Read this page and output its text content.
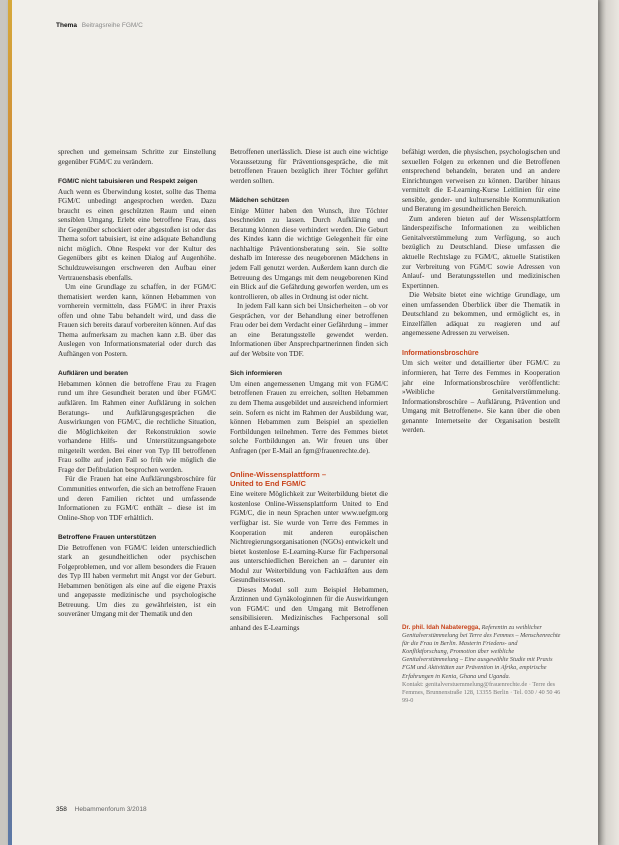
Thema Beitragsreihe FGM/C

sprechen und gemeinsam Schritte zur Einstellung gegenüber FGM/C zu verändern.

FGM/C nicht tabuisieren und Respekt zeigen

Auch wenn es Überwindung kostet, sollte das Thema FGM/C unbedingt angesprochen werden. Dazu braucht es einen geschützten Raum und einen sensiblen Umgang. Erlebt eine betroffene Frau, dass ihr Gegenüber schockiert oder abgestoßen ist oder das Thema sofort tabuisiert, ist eine adäquate Behandlung nicht möglich. Ohne Respekt vor der Kultur des Gegenübers gibt es keinen Dialog auf Augenhöhe. Schuldzuweisungen erschweren den Aufbau einer Vertrauensbasis ebenfalls.

Um eine Grundlage zu schaffen, in der FGM/C thematisiert werden kann, können Hebammen von vornherein vermitteln, dass FGM/C in ihrer Praxis offen und ohne Tabu behandelt wird, und dass die Frauen sich bereits darauf vorbereiten können. Auf das Thema aufmerksam zu machen kann z.B. über das Auslegen von Informationsmaterial oder durch das Aufhängen von Postern.

Aufklären und beraten

Hebammen können die betroffene Frau zu Fragen rund um ihre Gesundheit beraten und über FGM/C aufklären. Im Rahmen einer Aufklärung in solchen Beratungs- und Aufklärungsgesprächen die Auswirkungen von FGM/C, die rechtliche Situation, die Möglichkeiten der Rekonstruktion sowie vorhandene Hilfs- und Unterstützungsangebote mitgeteilt werden. Bei einer von Typ III betroffenen Frau sollte auf jeden Fall so früh wie möglich die Frage der Defibulation besprochen werden.

Für die Frauen hat eine Aufklärungsbroschüre für Communities entworfen, die sich an betroffene Frauen und deren Familien richtet und umfassende Informationen zu FGM/C enthält – diese ist im Online-Shop von TDF erhältlich.

Betroffene Frauen unterstützen

Die Betroffenen von FGM/C leiden unterschiedlich stark an gesundheitlichen oder psychischen Folgeproblemen, und vor allem besonders die Frauen des Typ III haben vermehrt mit Angst vor der Geburt. Hebammen benötigen als eine auf die eigene Praxis und angepasste medizinische und psychologische Betreuung. Um dies zu gewährleisten, ist ein souveräner Umgang mit der Thematik und den

Betroffenen unerlässlich. Diese ist auch eine wichtige Voraussetzung für Präventionsgespräche, die mit betroffenen Frauen bezüglich ihrer Töchter geführt werden sollten.

Mädchen schützen

Einige Mütter haben den Wunsch, ihre Töchter beschneiden zu lassen. Durch Aufklärung und Beratung können diese verhindert werden. Die Geburt des Kindes kann die wichtige Gelegenheit für eine nachhaltige Präventionsberatung sein. Sie sollte deshalb im Interesse des neugeborenen Mädchens in jedem Fall genutzt werden. Außerdem kann durch die Betreuung des Umgangs mit dem neugeborenen Kind ein Blick auf die Gefährdung geworfen werden, um es kontrollieren, ob alles in Ordnung ist oder nicht.

In jedem Fall kann sich bei Unsicherheiten – ob vor Gesprächen, vor der Behandlung einer betroffenen Frau oder bei dem Verdacht einer Gefährdung – immer an eine Beratungsstelle gewendet werden. Informationen über Ansprechpartnerinnen finden sich auf der Website von TDF.

Sich informieren

Um einen angemessenen Umgang mit von FGM/C betroffenen Frauen zu erreichen, sollten Hebammen zu dem Thema ausgebildet und ausreichend informiert sein. Sofern es nicht im Rahmen der Ausbildung war, können Hebammen zum Beispiel an speziellen Fortbildungen teilnehmen. Terre des Femmes bietet solche Fortbildungen an. Wir freuen uns über Anfragen (per E-Mail an fgm@frauenrechte.de).

Online-Wissensplattform –
United to End FGM/C

Eine weitere Möglichkeit zur Weiterbildung bietet die kostenlose Online-Wissensplattform United to End FGM/C, die in neun Sprachen unter www.uefgm.org verfügbar ist. Sie wurde von Terre des Femmes in Kooperation mit anderen europäischen Nichtregierungsorganisationen (NGOs) entwickelt und bietet kostenlose E-Learning-Kurse für Fachpersonal aus unterschiedlichen Bereichen an – darunter ein Modul zur Weiterbildung von Fachkräften aus dem Gesundheitswesen.

Dieses Modul soll zum Beispiel Hebammen, Ärztinnen und Gynäkologinnen für die Auswirkungen von FGM/C und den Umgang mit Betroffenen sensibilisieren. Medizinisches Fachpersonal soll anhand des E-Learnings

befähigt werden, die physischen, psychologischen und sexuellen Folgen zu erkennen und die Betroffenen entsprechend behandeln, beraten und an andere Einrichtungen verweisen zu können. Darüber hinaus vermittelt die E-Learning-Kurse Leitlinien für eine sensible, gender- und kultursensible Kommunikation und Beratung im gesundheitlichen Bereich.

Zum anderen bieten auf der Wissensplattform länderspezifische Informationen zu weiblichen Genitalverstümmelung zum Verfügung, so auch bezüglich zu Deutschland. Diese umfassen die aktuelle Rechtslage zu FGM/C, aktuelle Statistiken zur Verbreitung von FGM/C sowie Adressen von Anlauf- und Beratungsstellen und medizinischen Expertinnen.

Die Website bietet eine wichtige Grundlage, um einen umfassenden Überblick über die Thematik in Deutschland zu bekommen, und ermöglicht es, in Einzelfällen adäquat zu reagieren und auf angemessene Adressen zu verweisen.

Informationsbroschüre

Um sich weiter und detaillierter über FGM/C zu informieren, hat Terre des Femmes in Kooperation jahr eine Informationsbroschüre veröffentlicht: »Weibliche Genitalverstümmelung. Informationsbroschüre – Aufklärung, Prävention und Umgang mit Betroffenen«. Sie kann über die oben genannte Internetseite der Organisation bestellt werden.

Dr. phil. Idah Nabateregga, Referentin zu weiblicher Genitalverstümmelung bei Terre des Femmes – Menschenrechte für die Frau in Berlin. Masterin Friedens- und Konfliktforschung, Promotion über weibliche Genitalverstümmelung – Eine ausgewählte Studie mit Praxis FGM und Aktivitäten zur Prävention in Afrika, empirische Erfahrungen in Kenia, Ghana und Uganda.
Kontakt: genitalverstuemmelung@frauenrechte.de · Terre des Femmes, Brunnenstraße 128, 13355 Berlin · Tel. 030 / 40 50 46 99-0
358 Hebammenforum 3/2018
